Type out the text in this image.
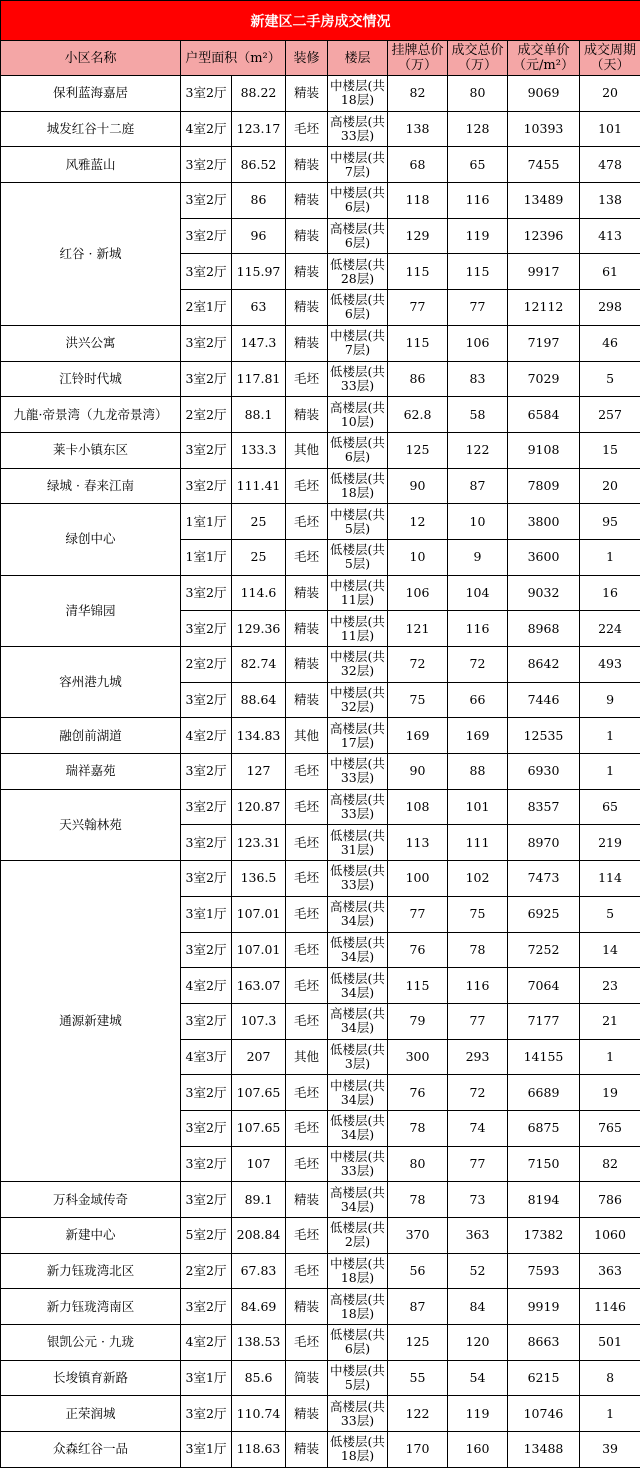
新建区二手房成交情况								
小区名称	户型面积（m²）		装修	楼层	挂牌总价（万）	成交总价（万）	成交单价（元/m²）	成交周期（天）
保利蓝海嘉居	3室2厅	88.22	精装	中楼层(共18层)	82	80	9069	20
城发红谷十二庭	4室2厅	123.17	毛坯	高楼层(共33层)	138	128	10393	101
风雅蓝山	3室2厅	86.52	精装	中楼层(共7层)	68	65	7455	478
红谷 · 新城	3室2厅	86	精装	中楼层(共6层)	118	116	13489	138
	3室2厅	96	精装	高楼层(共6层)	129	119	12396	413
	3室2厅	115.97	精装	低楼层(共28层)	115	115	9917	61
	2室1厅	63	精装	低楼层(共6层)	77	77	12112	298
洪兴公寓	3室2厅	147.3	精装	中楼层(共7层)	115	106	7197	46
江铃时代城	3室2厅	117.81	毛坯	低楼层(共33层)	86	83	7029	5
九龍·帝景湾（九龙帝景湾）	2室2厅	88.1	精装	高楼层(共10层)	62.8	58	6584	257
莱卡小镇东区	3室2厅	133.3	其他	低楼层(共6层)	125	122	9108	15
绿城 · 春来江南	3室2厅	111.41	毛坯	低楼层(共18层)	90	87	7809	20
绿创中心	1室1厅	25	毛坯	中楼层(共5层)	12	10	3800	95
	1室1厅	25	毛坯	低楼层(共5层)	10	9	3600	1
清华锦园	3室2厅	114.6	精装	中楼层(共11层)	106	104	9032	16
	3室2厅	129.36	精装	中楼层(共11层)	121	116	8968	224
容州港九城	2室2厅	82.74	精装	中楼层(共32层)	72	72	8642	493
	3室2厅	88.64	精装	中楼层(共32层)	75	66	7446	9
融创前湖道	4室2厅	134.83	其他	高楼层(共17层)	169	169	12535	1
瑞祥嘉苑	3室2厅	127	毛坯	中楼层(共33层)	90	88	6930	1
天兴翰林苑	3室2厅	120.87	毛坯	高楼层(共33层)	108	101	8357	65
	3室2厅	123.31	毛坯	低楼层(共31层)	113	111	8970	219
通源新建城	3室2厅	136.5	毛坯	低楼层(共33层)	100	102	7473	114
	3室1厅	107.01	毛坯	高楼层(共34层)	77	75	6925	5
	3室2厅	107.01	毛坯	低楼层(共34层)	76	78	7252	14
	4室2厅	163.07	毛坯	低楼层(共34层)	115	116	7064	23
	3室2厅	107.3	毛坯	高楼层(共34层)	79	77	7177	21
	4室3厅	207	其他	低楼层(共3层)	300	293	14155	1
	3室2厅	107.65	毛坯	中楼层(共34层)	76	72	6689	19
	3室2厅	107.65	毛坯	低楼层(共34层)	78	74	6875	765
	3室2厅	107	毛坯	中楼层(共33层)	80	77	7150	82
万科金域传奇	3室2厅	89.1	精装	高楼层(共34层)	78	73	8194	786
新建中心	5室2厅	208.84	毛坯	低楼层(共2层)	370	363	17382	1060
新力钰珑湾北区	2室2厅	67.83	毛坯	中楼层(共18层)	56	52	7593	363
新力钰珑湾南区	3室2厅	84.69	精装	高楼层(共18层)	87	84	9919	1146
银凯公元 · 九珑	4室2厅	138.53	毛坯	低楼层(共6层)	125	120	8663	501
长埈镇育新路	3室1厅	85.6	简装	中楼层(共5层)	55	54	6215	8
正荣润城	3室2厅	110.74	精装	高楼层(共33层)	122	119	10746	1
众森红谷一品	3室1厅	118.63	精装	低楼层(共18层)	170	160	13488	39
